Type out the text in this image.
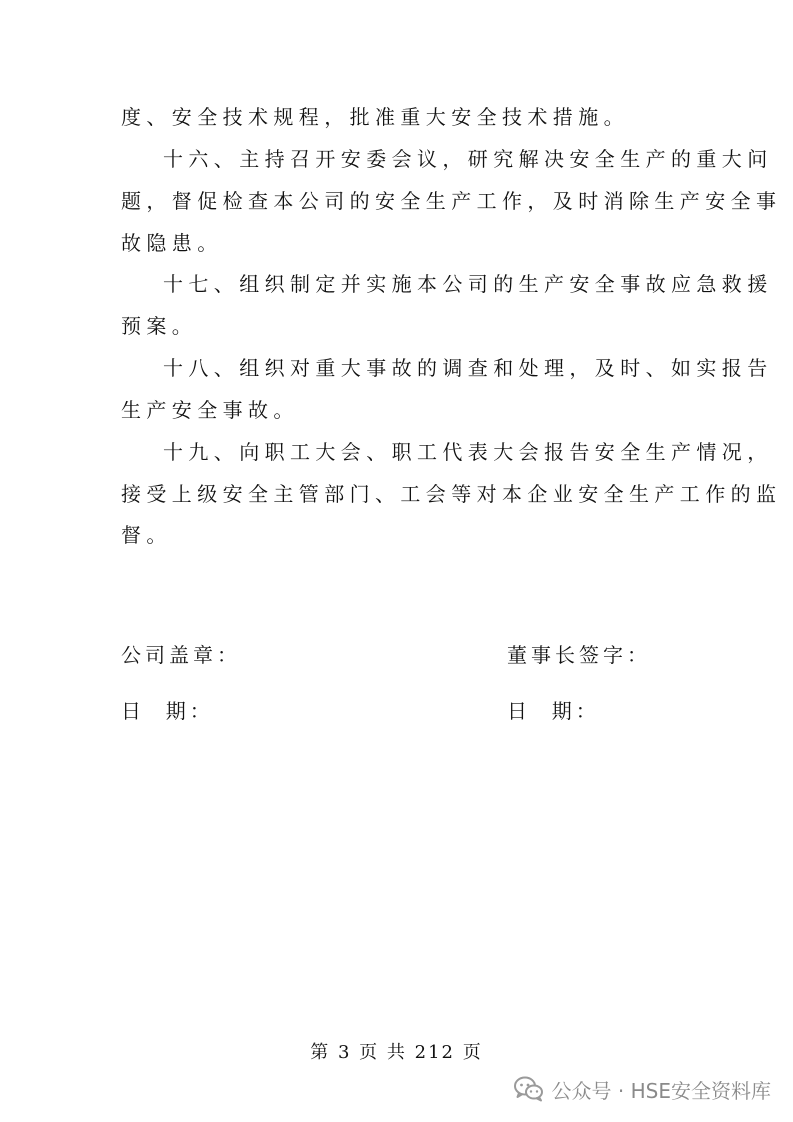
度、安全技术规程，批准重大安全技术措施。
十六、主持召开安委会议，研究解决安全生产的重大问
题，督促检查本公司的安全生产工作，及时消除生产安全事
故隐患。
十七、组织制定并实施本公司的生产安全事故应急救援
预案。
十八、组织对重大事故的调查和处理，及时、如实报告
生产安全事故。
十九、向职工大会、职工代表大会报告安全生产情况，
接受上级安全主管部门、工会等对本企业安全生产工作的监
督。
公司盖章：	董事长签字：
日  期：	日  期：
第 3 页 共 212 页
公众号 · HSE安全资料库
